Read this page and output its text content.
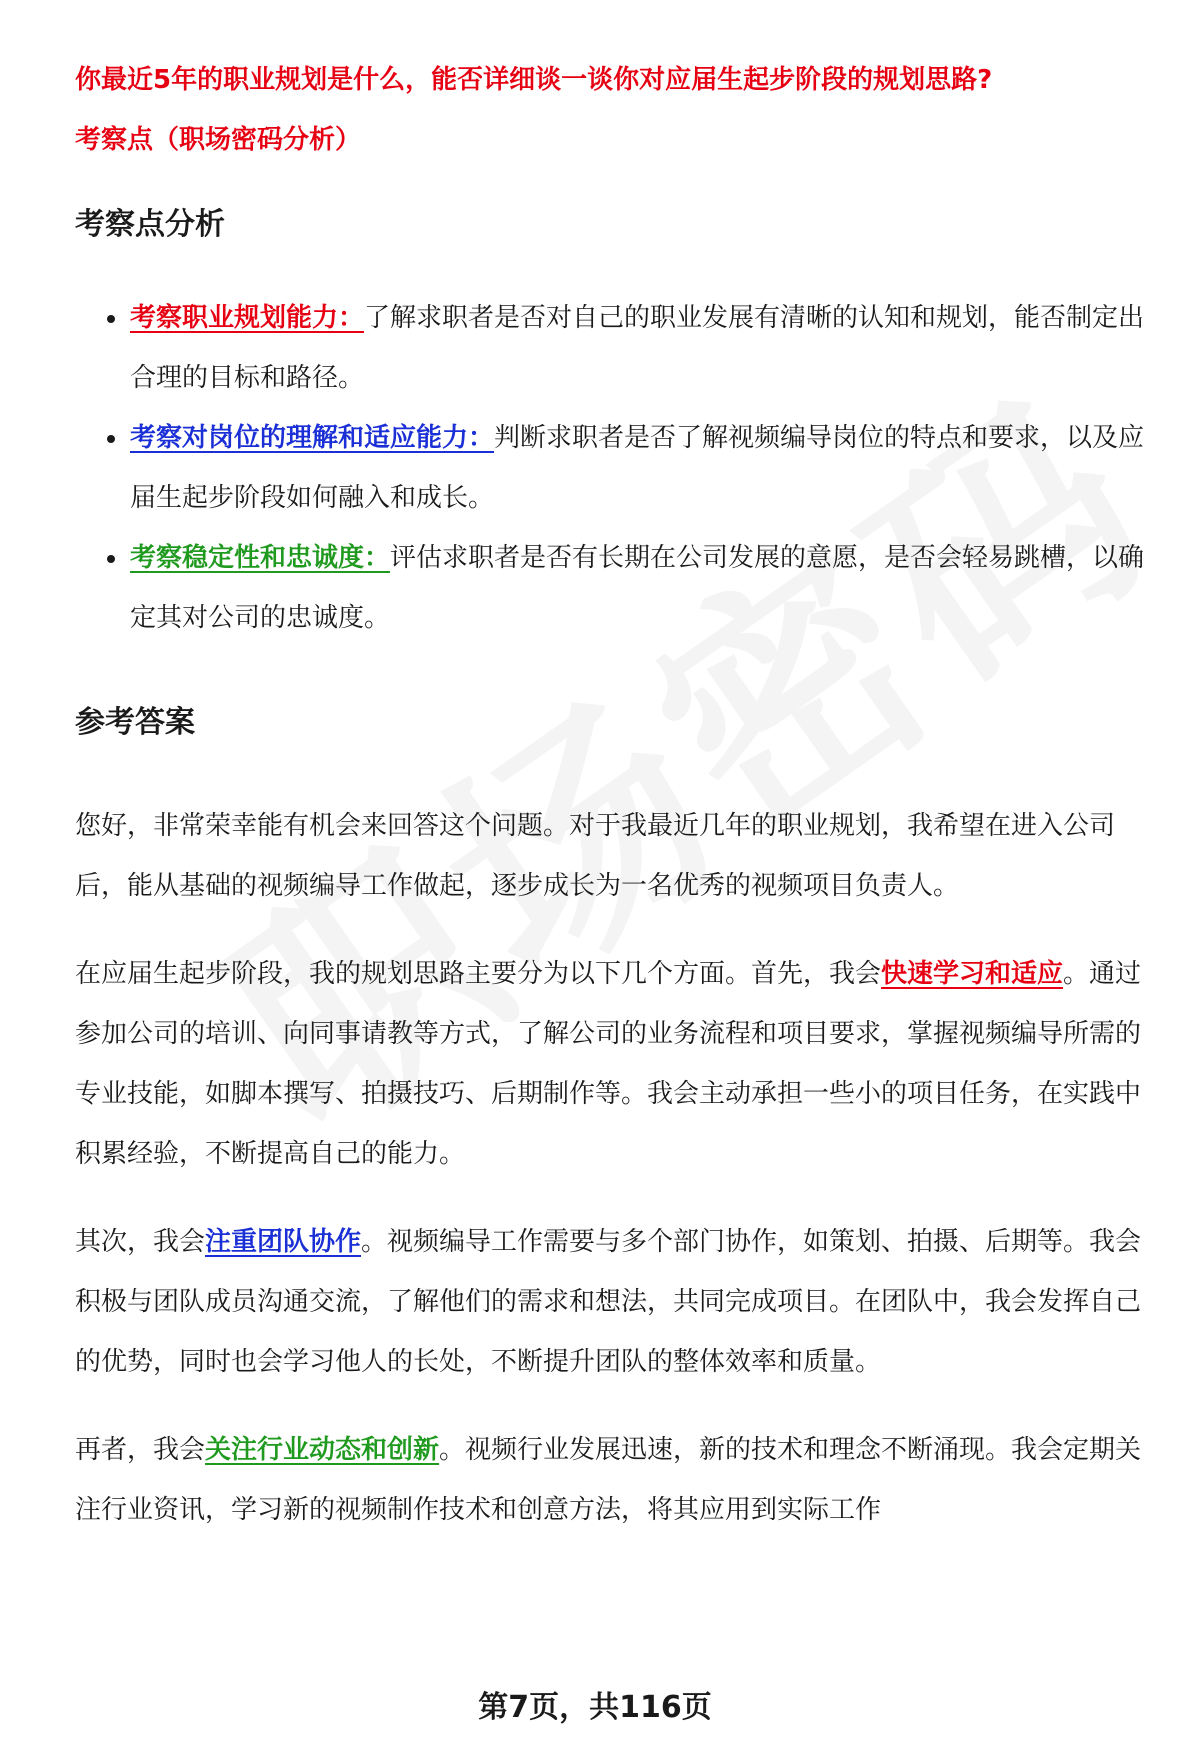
你最近5年的职业规划是什么，能否详细谈一谈你对应届生起步阶段的规划思路?

考察点（职场密码分析）

考察点分析
考察职业规划能力：了解求职者是否对自己的职业发展有清晰的认知和规划，能否制定出合理的目标和路径。
考察对岗位的理解和适应能力：判断求职者是否了解视频编导岗位的特点和要求，以及应届生起步阶段如何融入和成长。
考察稳定性和忠诚度：评估求职者是否有长期在公司发展的意愿，是否会轻易跳槽，以确定其对公司的忠诚度。
参考答案

您好，非常荣幸能有机会来回答这个问题。对于我最近几年的职业规划，我希望在进入公司后，能从基础的视频编导工作做起，逐步成长为一名优秀的视频项目负责人。

在应届生起步阶段，我的规划思路主要分为以下几个方面。首先，我会快速学习和适应。通过参加公司的培训、向同事请教等方式，了解公司的业务流程和项目要求，掌握视频编导所需的专业技能，如脚本撰写、拍摄技巧、后期制作等。我会主动承担一些小的项目任务，在实践中积累经验，不断提高自己的能力。

其次，我会注重团队协作。视频编导工作需要与多个部门协作，如策划、拍摄、后期等。我会积极与团队成员沟通交流，了解他们的需求和想法，共同完成项目。在团队中，我会发挥自己的优势，同时也会学习他人的长处，不断提升团队的整体效率和质量。

再者，我会关注行业动态和创新。视频行业发展迅速，新的技术和理念不断涌现。我会定期关注行业资讯，学习新的视频制作技术和创意方法，将其应用到实际工作

第7页，共116页
